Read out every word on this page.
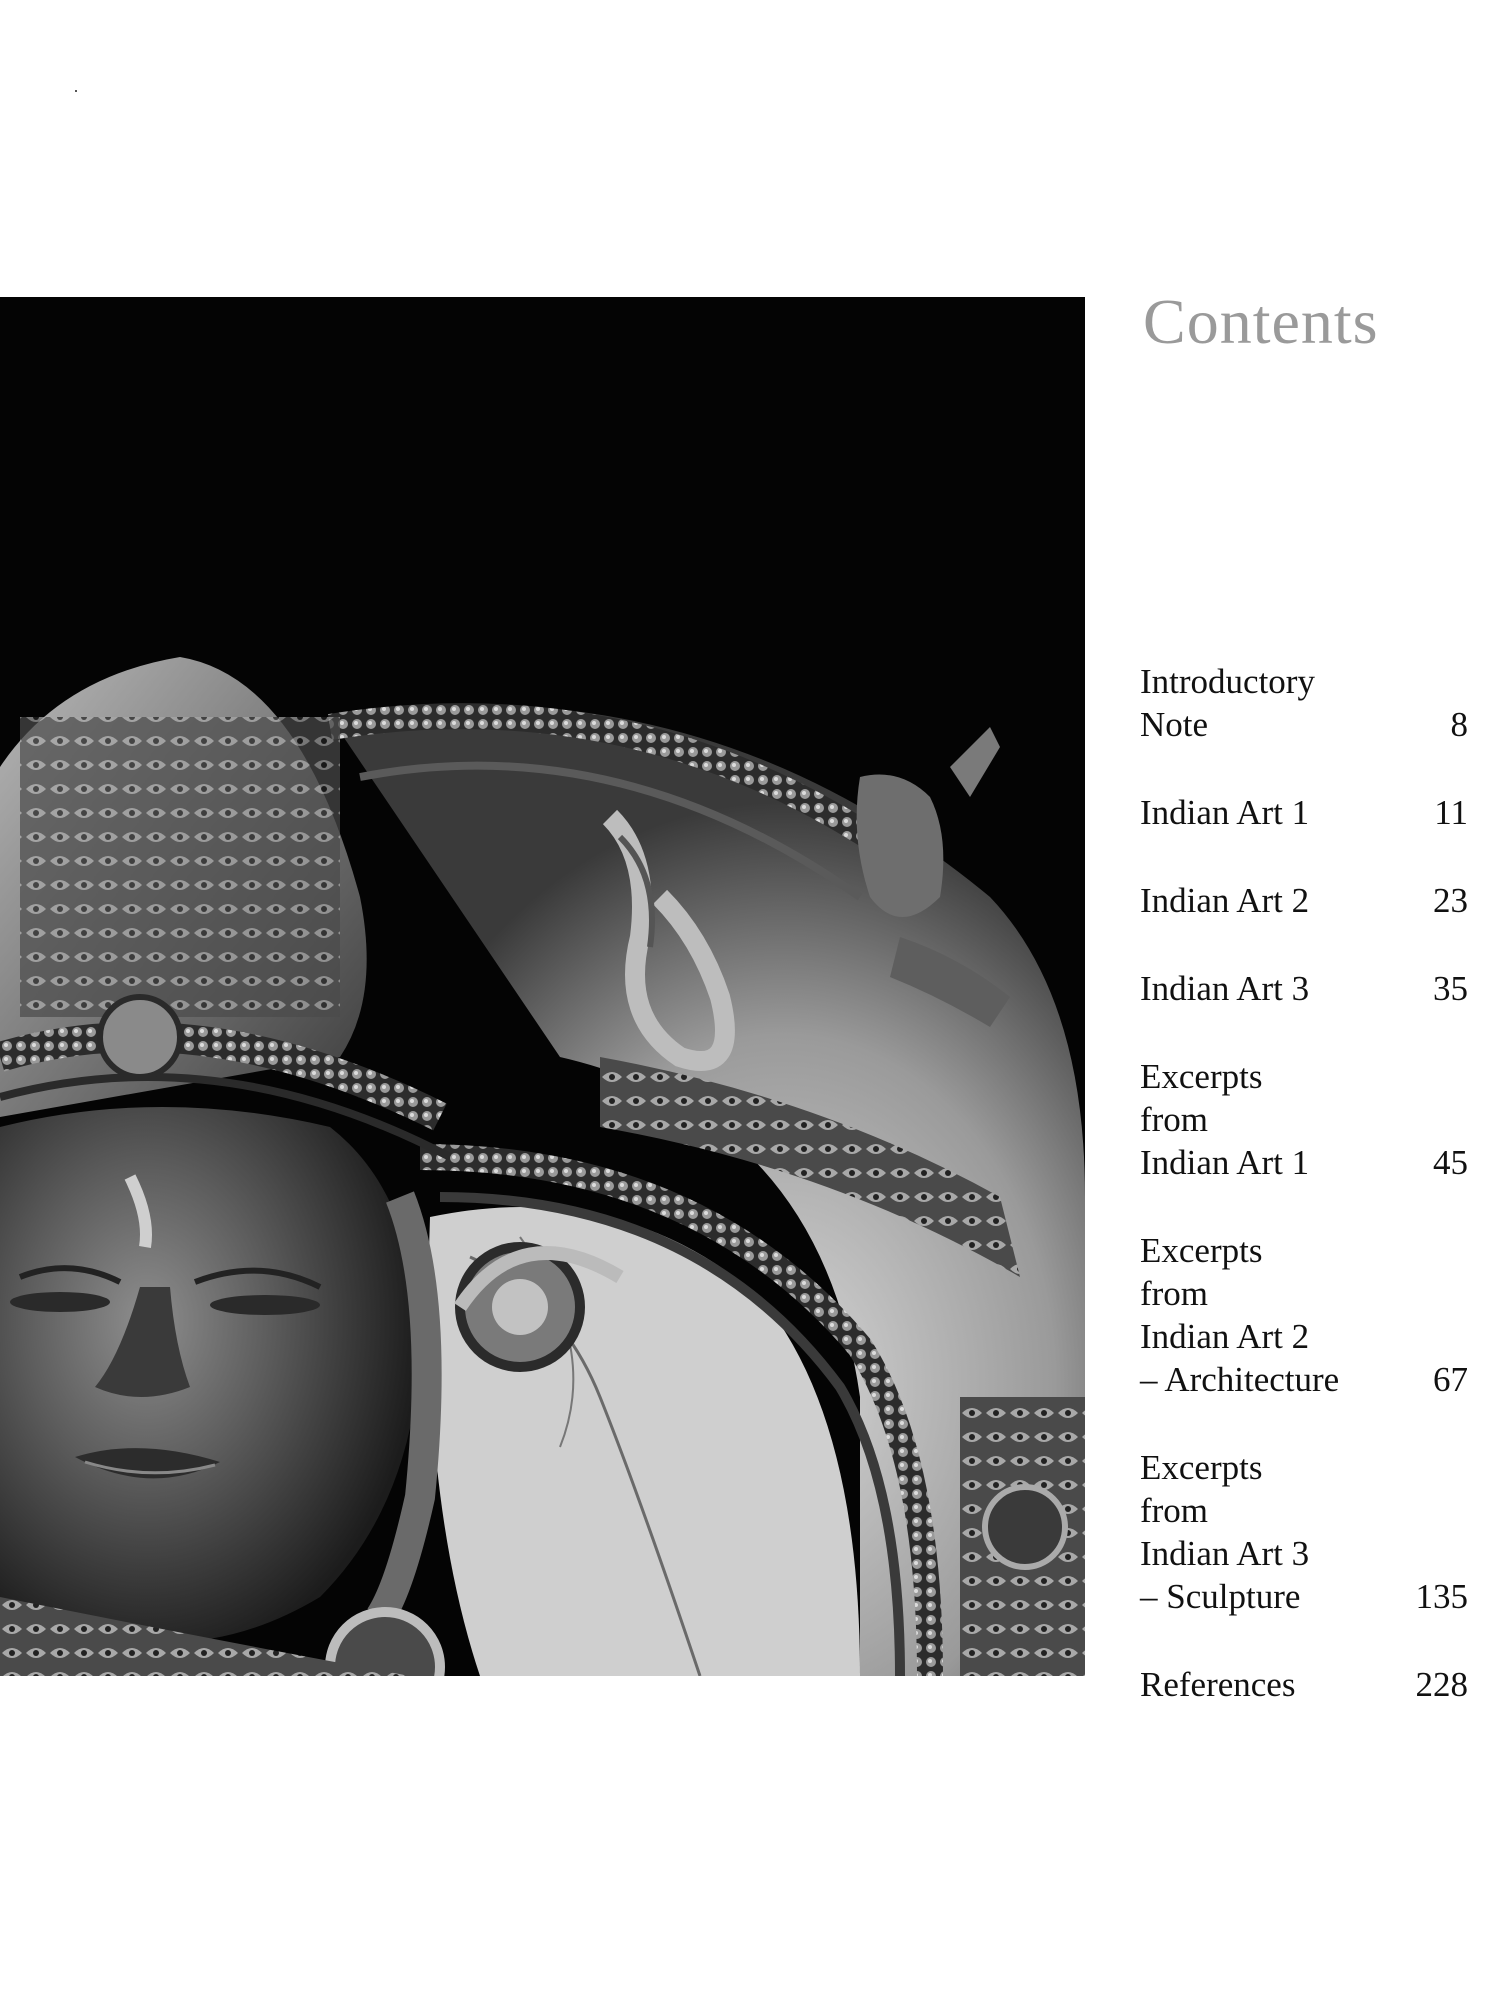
Contents
Introductory
Note	8
Indian Art 1	11
Indian Art 2	23
Indian Art 3	35
Excerpts
from
Indian Art 1	45
Excerpts
from
Indian Art 2
– Architecture	67
Excerpts
from
Indian Art 3
– Sculpture	135
References	228
